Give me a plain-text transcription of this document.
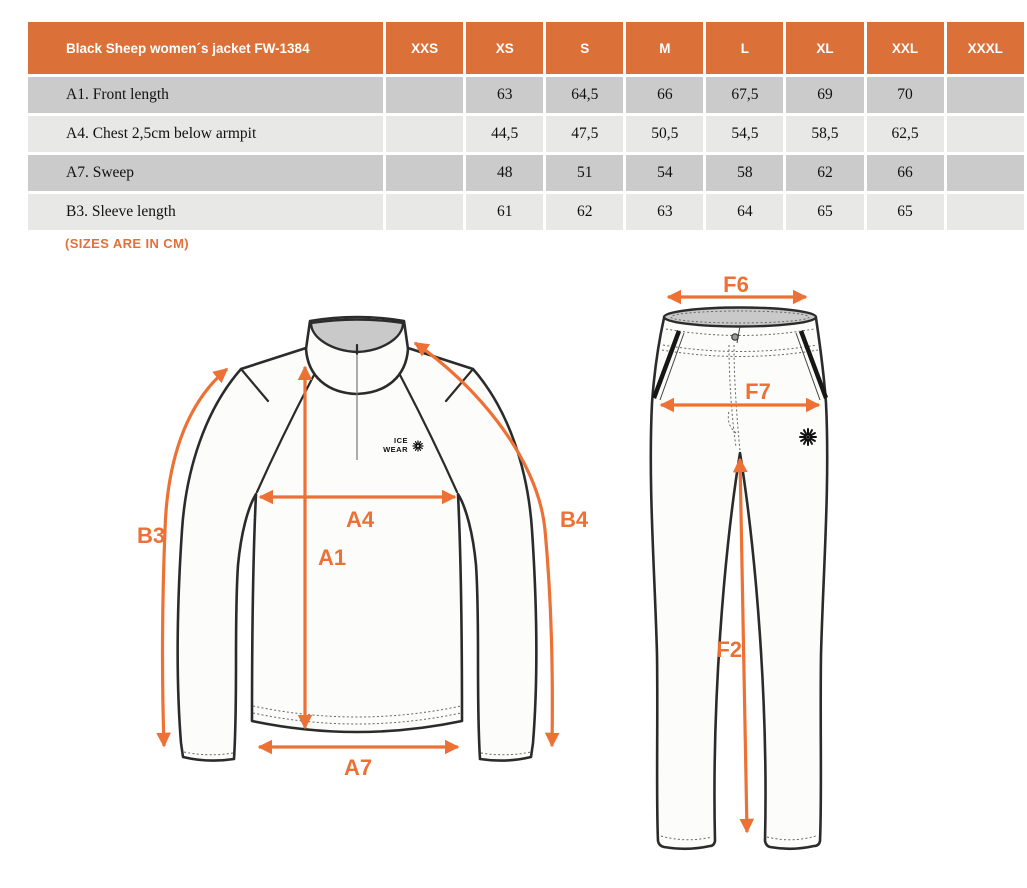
Black Sheep women´s jacket FW-1384	XXS	XS	S	M	L	XL	XXL	XXXL
A1. Front length		63	64,5	66	67,5	69	70	
A4. Chest 2,5cm below armpit		44,5	47,5	50,5	54,5	58,5	62,5	
A7. Sweep		48	51	54	58	62	66	
B3. Sleeve length		61	62	63	64	65	65	
(SIZES ARE IN CM)
ICE
WEAR
B3
A1
A4
A7
B4
F6
F7
F2
